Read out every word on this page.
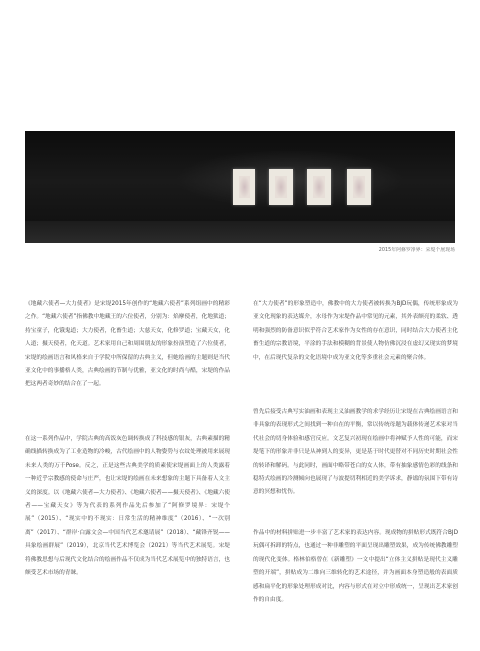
2015年阿修罗净界：宋堤个展现场

《地藏六使者—大力使者》是宋堤2015年创作的“地藏六使者”系列组画中的精彩之作。“地藏六使者”指佛教中地藏王的六位使者，分别为：焰摩使者，化地狱道；持宝童子，化饿鬼道；大力使者，化畜生道；大慈天女，化修罗道；宝藏天女，化人道；摄天使者，化天道。艺术家用自己和周围朋友的形象扮演塑造了六位使者，宋堤的绘画语言和风格来自于学院中所保留的古典主义，但她绘画的主题则是当代亚文化中的事播格人类，古典绘画的节制与优雅，亚文化的时尚与酷，宋堤的作品把这两者奇妙的结合在了一起。

在这一系列作品中，学院古典的高饭灰色调转换成了科技感的银灰，古典素描的精确线描转换成为了工业造物的冷峻，古代绘画中的人物姿势与衣纹处理被用来展现未来人类的万千Pose。反之，正是这些古典美学的质素使宋堤画面上的人类露着一种近乎宗教感的使命与庄严，也让宋堤的绘画在未来想象的主题下具备着人文主义的深度。以《地藏六使者—大力使者》、《地藏六使者——摄天使者》、《地藏六使者——宝藏天女》等为代表的系列作品先后参加了“阿修罗境界：宋堤个展”（2015）、“现实中的不现实：日常生活的精神维度”（2016）、“一次别离”（2017）、“群岸·白露文会—中国当代艺术邀请展”（2018）、“藏锋齐锐——具象绘画群展”（2019），北京当代艺术博览会（2021）等当代艺术展览。宋堤将佛教思想与后现代文化结合的绘画作品不仅成为当代艺术展览中的独特语言，也颇受艺术市场的青睐。

在“大力使者”的形象塑造中，佛教中的大力使者被转换为BJD玩偶，传统形象成为亚文化现象的表达媒介，水母作为宋堤作品中常见的元素，其外表颇亮的柔软、透明和强烈的防备意识似乎符合艺术家作为女性的存在意识，同时结合大力使者主化畜生道的宗教语境，平涂的手法和模糊的背景使人物仿佛沉浸在虚幻又现实的梦境中，在后现代复杂的文化语境中成为亚文化等多重社会元素的聚合体。

曾先后接受古典写实油画和表现主义油画教学的求学经历让宋堤在古典绘画语言和非具象的表现形式之间找到一种自在的平衡，常以传统母题为载体传递艺术家对当代社会的切身体验和感官反应。文艺复兴初现在绘画中将神赋予人性的可能，而宋堤笔下的形象并非只是从神到人的变异，更是基于时代更替对不同历史时期社会性的转译和解码。与此同时，画面中略带苍白的女人体，带有抽象感情色彩的线条和稳特式绘画的冷测倾向也展现了与波提切利相近的美学诉求，静谧的氛围下带有诗意的冥想和忧伤。

作品中的材料拼贴进一步丰富了艺术家的表达内容。现成物的拼贴形式既符合BJD玩偶可拆卸的特点，也通过一种非雕塑的平面呈现出雕塑效果，成为传统佛教雕塑的现代化变体。格林伯格曾在《新雕塑》一文中提出“立体主义拼贴是现代主义雕塑的开端”，拼贴成为二维向三维转化的艺术途径，并为画面本身塑造般的表面质感和扁平化的形象处理形成对比，内容与形式在对立中形成统一，呈现出艺术家创作的自由度。
